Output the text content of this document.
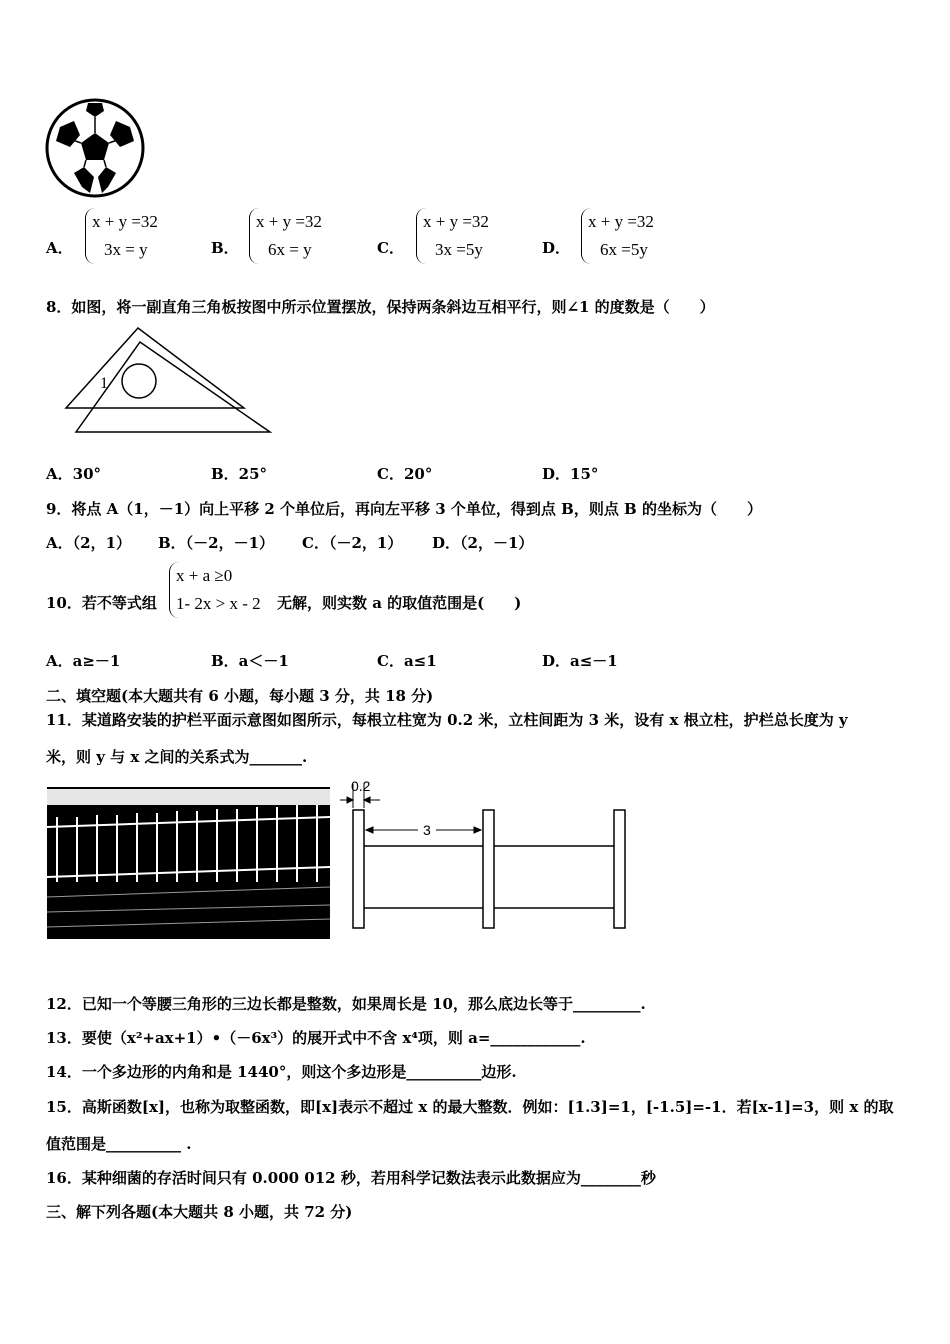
A．
x + y =32
3x = y	B．
x + y =32
6x = y	C．
x + y =32
3x =5y	D．
x + y =32
6x =5y
8．如图，将一副直角三角板按图中所示位置摆放，保持两条斜边互相平行，则∠1 的度数是（　　）
1
A．30°	B．25°	C．20°	D．15°
9．将点 A（1，－1）向上平移 2 个单位后，再向左平移 3 个单位，得到点 B，则点 B 的坐标为（　　）
A．（2，1） B．（－2，－1） C．（－2，1） D．（2，－1）
10．若不等式组
x + a ≥0
1- 2x > x - 2 无解，则实数 a 的取值范围是(　　)
A．a≥－1	B．a＜－1	C．a≤1	D．a≤－1
二、填空题(本大题共有 6 小题，每小题 3 分，共 18 分)
11．某道路安装的护栏平面示意图如图所示，每根立柱宽为 0.2 米，立柱间距为 3 米，设有 x 根立柱，护栏总长度为 y
米，则 y 与 x 之间的关系式为_______.
0.2
3
12．已知一个等腰三角形的三边长都是整数，如果周长是 10，那么底边长等于_________.
13．要使（x²+ax+1）•（－6x³）的展开式中不含 x⁴项，则 a=____________.
14．一个多边形的内角和是 1440°，则这个多边形是__________边形.
15．高斯函数[x]，也称为取整函数，即[x]表示不超过 x 的最大整数．例如：[1.3]=1，[-1.5]=-1．若[x-1]=3，则 x 的取
值范围是__________ .
16．某种细菌的存活时间只有 0.000 012 秒，若用科学记数法表示此数据应为________秒
三、解下列各题(本大题共 8 小题，共 72 分)
